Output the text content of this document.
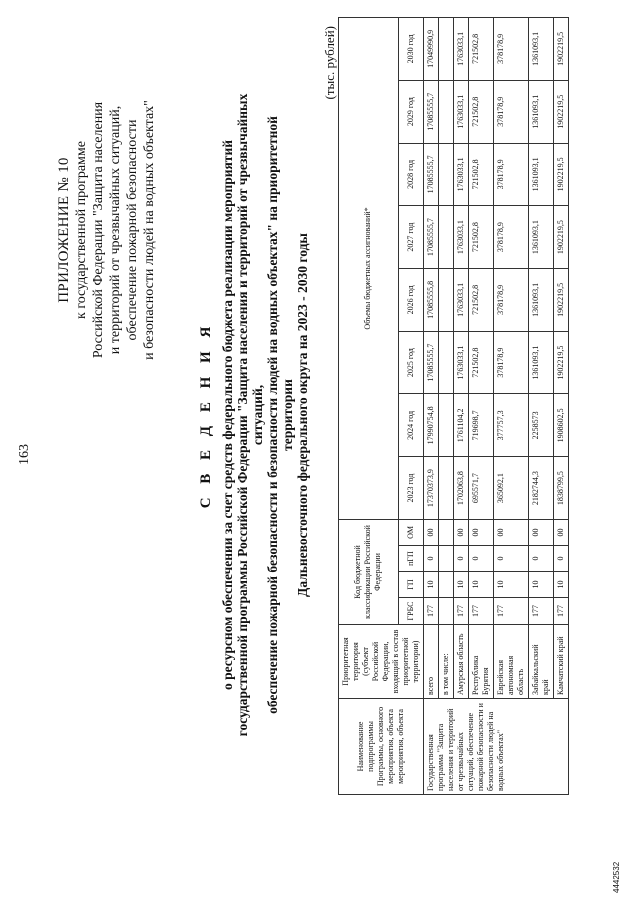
163
ПРИЛОЖЕНИЕ № 10 к государственной программе Российской Федерации "Защита населения и территорий от чрезвычайных ситуаций, обеспечение пожарной безопасности и безопасности людей на водных объектах"
С В Е Д Е Н И Я о ресурсном обеспечении за счет средств федерального бюджета реализации мероприятий государственной программы Российской Федерации "Защита населения и территорий от чрезвычайных ситуаций, обеспечение пожарной безопасности и безопасности людей на водных объектах" на приоритетной территории Дальневосточного федерального округа на 2023 - 2030 годы
(тыс. рублей)
Наименование подпрограммы Программы, основного мероприятия, объекта мероприятия, объекта	Приоритетная территория (субъект Российской Федерации, входящий в состав приоритетной территории)	Код бюджетной классификации Российской Федерации				Объемы бюджетных ассигнований*							
		ГРБС	ГП	пГП	ОМ	2023 год	2024 год	2025 год	2026 год	2027 год	2028 год	2029 год	2030 год
Государственная программа "Защита населения и территорий от чрезвычайных ситуаций, обеспечение пожарной безопасности и безопасности людей на водных объектах"	всего	177	10	0	00	17370373,9	17990754,8	17085555,7	17085555,8	17085555,7	17085555,7	17085555,7	17049990,9
	в том числе:												
	Амурская область	177	10	0	00	1702063,8	1761104,2	1763033,1	1763033,1	1763033,1	1763033,1	1763033,1	1763033,1
	Республика Бурятия	177	10	0	00	695571,7	719698,7	721502,8	721502,8	721502,8	721502,8	721502,8	721502,8
	Еврейская автономная область	177	10	0	00	365092,1	377757,3	378178,9	378178,9	378178,9	378178,9	378178,9	378178,9
	Забайкальский край	177	10	0	00	2182744,3	2258573	1361093,1	1361093,1	1361093,1	1361093,1	1361093,1	1361093,1
	Камчатский край	177	10	0	00	1838799,5	1908602,5	1902219,5	1902219,5	1902219,5	1902219,5	1902219,5	1902219,5
4442532
